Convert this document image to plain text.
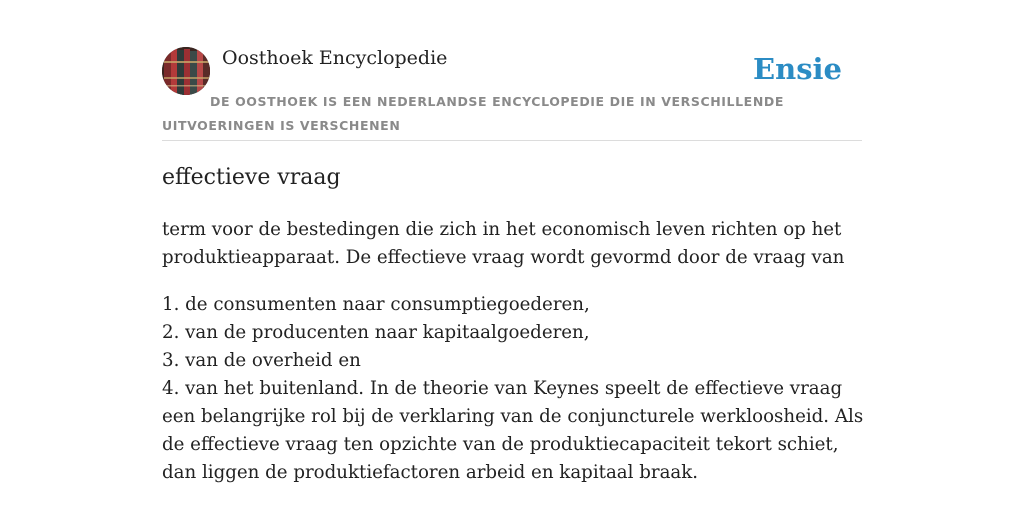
Oosthoek Encyclopedie	Ensie
DE OOSTHOEK IS EEN NEDERLANDSE ENCYCLOPEDIE DIE IN VERSCHILLENDE UITVOERINGEN IS VERSCHENEN
effectieve vraag

term voor de bestedingen die zich in het economisch leven richten op het produktieapparaat. De effectieve vraag wordt gevormd door de vraag van

1. de consumenten naar consumptiegoederen,
2. van de producenten naar kapitaalgoederen,
3. van de overheid en
4. van het buitenland. In de theorie van Keynes speelt de effectieve vraag een belangrijke rol bij de verklaring van de conjuncturele werkloosheid. Als de effectieve vraag ten opzichte van de produktiecapaciteit tekort schiet, dan liggen de produktiefactoren arbeid en kapitaal braak.
